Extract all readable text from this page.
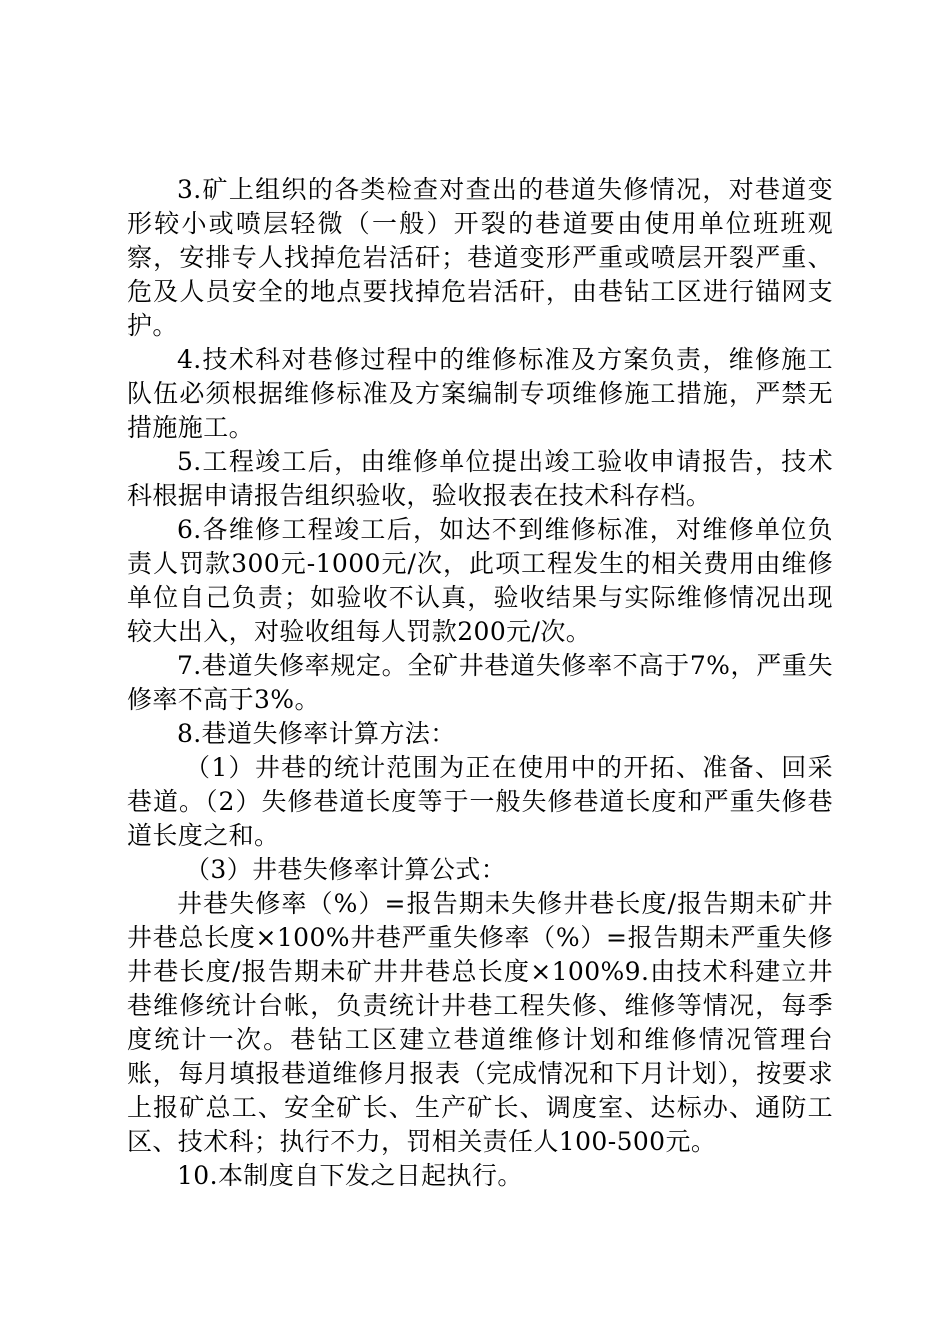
3.矿上组织的各类检查对查出的巷道失修情况，对巷道变形较小或喷层轻微（一般）开裂的巷道要由使用单位班班观察，安排专人找掉危岩活矸；巷道变形严重或喷层开裂严重、危及人员安全的地点要找掉危岩活矸，由巷钻工区进行锚网支护。

4.技术科对巷修过程中的维修标准及方案负责，维修施工队伍必须根据维修标准及方案编制专项维修施工措施，严禁无措施施工。

5.工程竣工后，由维修单位提出竣工验收申请报告，技术科根据申请报告组织验收，验收报表在技术科存档。

6.各维修工程竣工后，如达不到维修标准，对维修单位负责人罚款300元-1000元/次，此项工程发生的相关费用由维修单位自己负责；如验收不认真，验收结果与实际维修情况出现较大出入，对验收组每人罚款200元/次。

7.巷道失修率规定。全矿井巷道失修率不高于7%，严重失修率不高于3%。

8.巷道失修率计算方法：

（1）井巷的统计范围为正在使用中的开拓、准备、回采巷道。（2）失修巷道长度等于一般失修巷道长度和严重失修巷道长度之和。

（3）井巷失修率计算公式：

井巷失修率（%）=报告期未失修井巷长度/报告期未矿井井巷总长度×100%井巷严重失修率（%）=报告期未严重失修井巷长度/报告期未矿井井巷总长度×100%9.由技术科建立井巷维修统计台帐，负责统计井巷工程失修、维修等情况，每季度统计一次。巷钻工区建立巷道维修计划和维修情况管理台账，每月填报巷道维修月报表（完成情况和下月计划），按要求上报矿总工、安全矿长、生产矿长、调度室、达标办、通防工区、技术科；执行不力，罚相关责任人100-500元。

10.本制度自下发之日起执行。
